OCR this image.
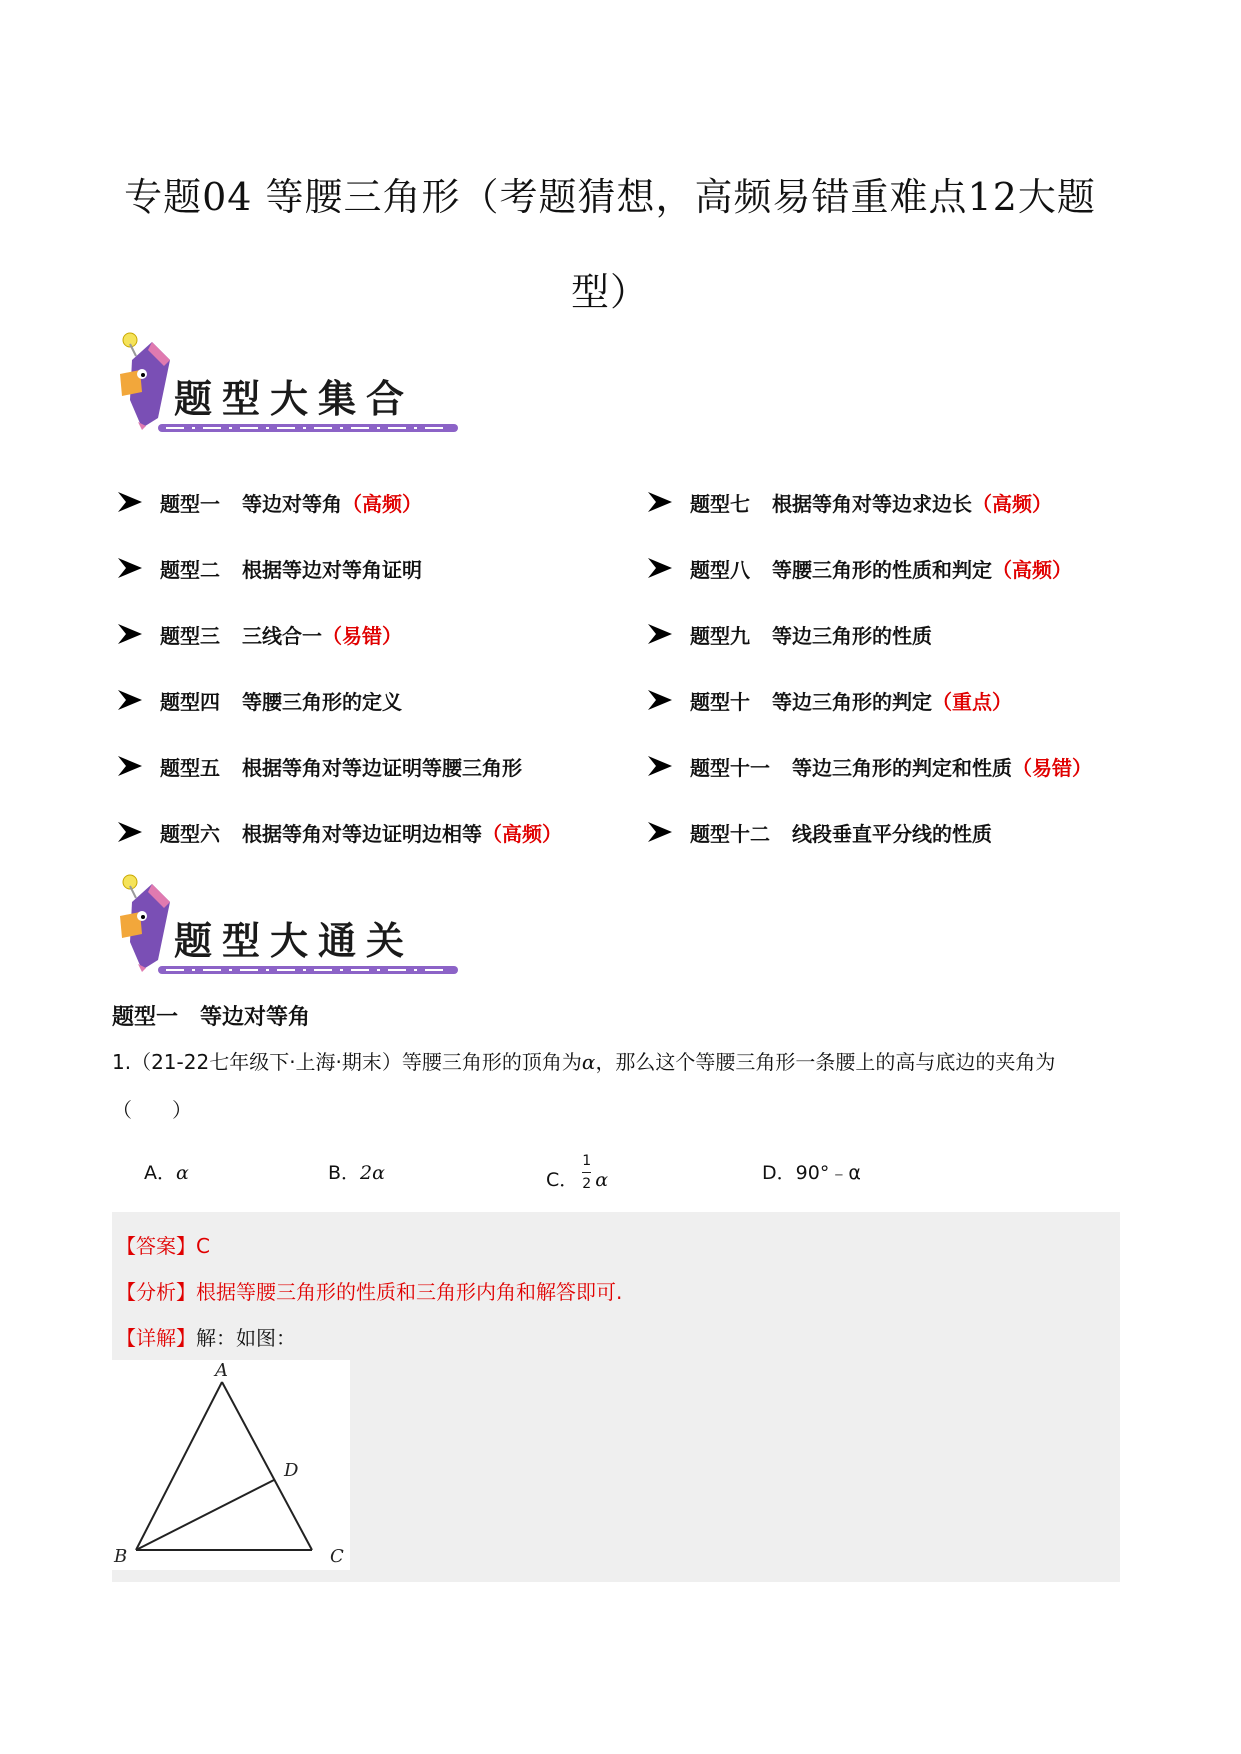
专题04 等腰三角形（考题猜想，高频易错重难点12大题
型）
题型大集合
题型一 等边对等角 （高频）
题型二 根据等边对等角证明
题型三 三线合一 （易错）
题型四 等腰三角形的定义
题型五 根据等角对等边证明等腰三角形
题型六 根据等角对等边证明边相等 （高频）
题型七 根据等角对等边求边长 （高频）
题型八 等腰三角形的性质和判定 （高频）
题型九 等边三角形的性质
题型十 等边三角形的判定 （重点）
题型十一 等边三角形的判定和性质 （易错）
题型十二 线段垂直平分线的性质
题型大通关
题型一　等边对等角
1.（21-22七年级下·上海·期末）等腰三角形的顶角为α，那么这个等腰三角形一条腰上的高与底边的夹角为（　　）
A．α	B．2α	C． $\frac{1}{2}$ α	D．90°﹣α
【答案】C
【分析】根据等腰三角形的性质和三角形内角和解答即可.
【详解】解：如图：
A
B	C
D
